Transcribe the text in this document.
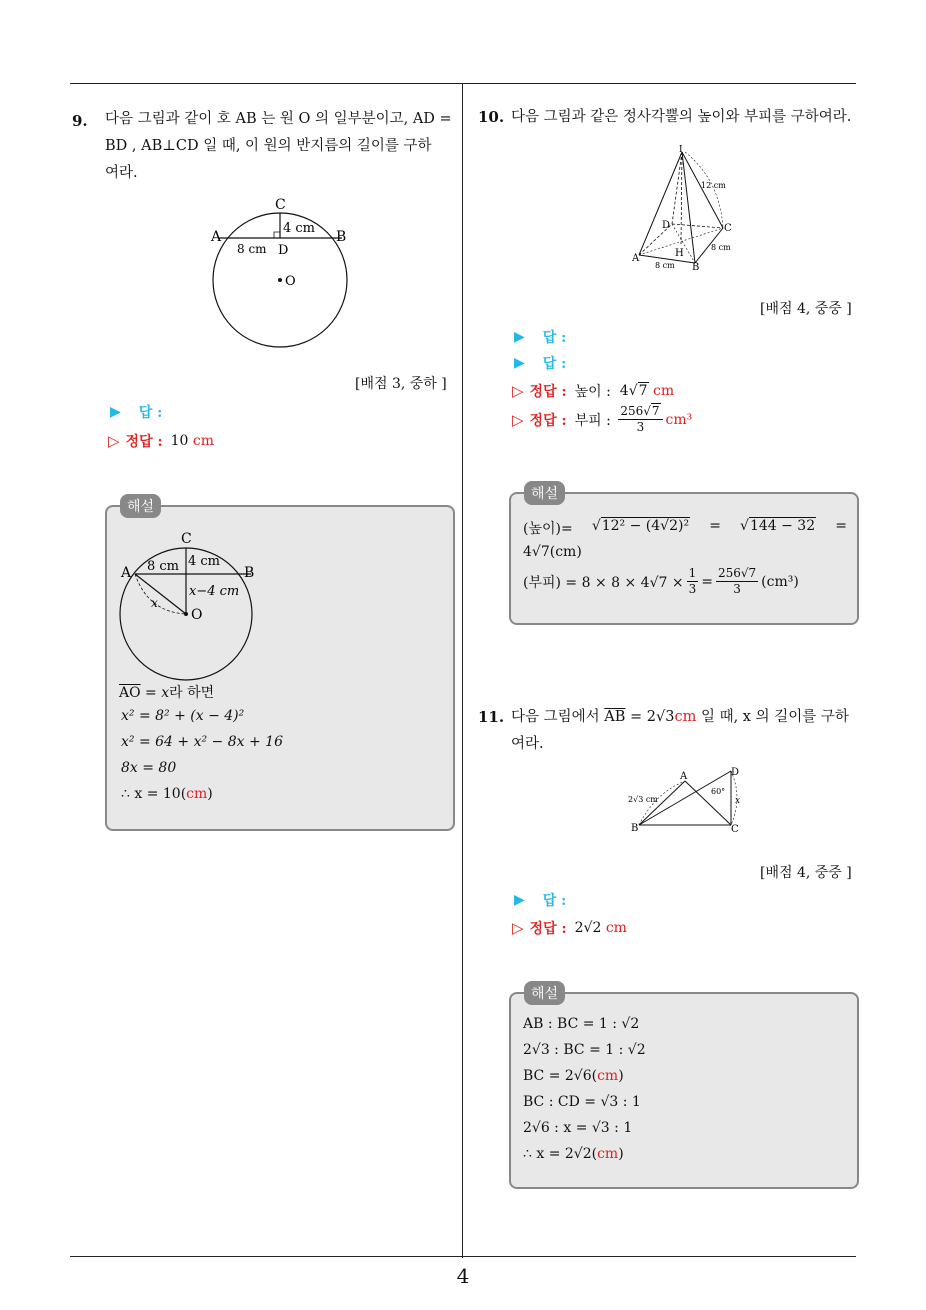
9. 다음 그림과 같이 호 AB 는 원 O 의 일부분이고, AD =
BD , AB⊥CD 일 때, 이 원의 반지름의 길이를 구하
여라.
C
A	B
D
O
4 cm
8 cm
[배점 3, 중하 ]
▶ 답 :
▷ 정답 : 10
cm
해설
C
A	B
O
4 cm
8 cm
x−4 cm
x
$\overline{AO} = x$라 하면
x² = 8² + (x − 4)²
x² = 64 + x² − 8x + 16
8x = 80
∴ x = 10(cm)
10. 다음 그림과 같은 정사각뿔의 높이와 부피를 구하여라.
I
A
B
C
D
H
12 cm
8 cm
8 cm
[배점 4, 중중 ]
▶ 답 :
▶ 답 :
▷ 정답 : 높이 :
4 √7
cm
▷ 정답 : 부피 :
$\frac{256√7}{3} cm^3$
해설
(높이)= √12² − (4√2)² = √144 − 32 =
4√7(cm)
(부피) = $8 \times 8 \times 4√7 \times \frac{1}{3} = \frac{256√7}{3} (cm^3)$
11. 다음 그림에서 $\overline{AB} = 2√3cm$ 일 때, x 의 길이를 구하
여라.
A
B	C
D
2√3 cm
60°
x
[배점 4, 중중 ]
▶ 답 :
▷ 정답 : 2√2
cm
해설
AB : BC = 1 : √2
2√3 : BC = 1 : √2
BC = 2√6(cm)
BC : CD = √3 : 1
2√6 : x = √3 : 1
∴ x = 2√2(cm)
4
